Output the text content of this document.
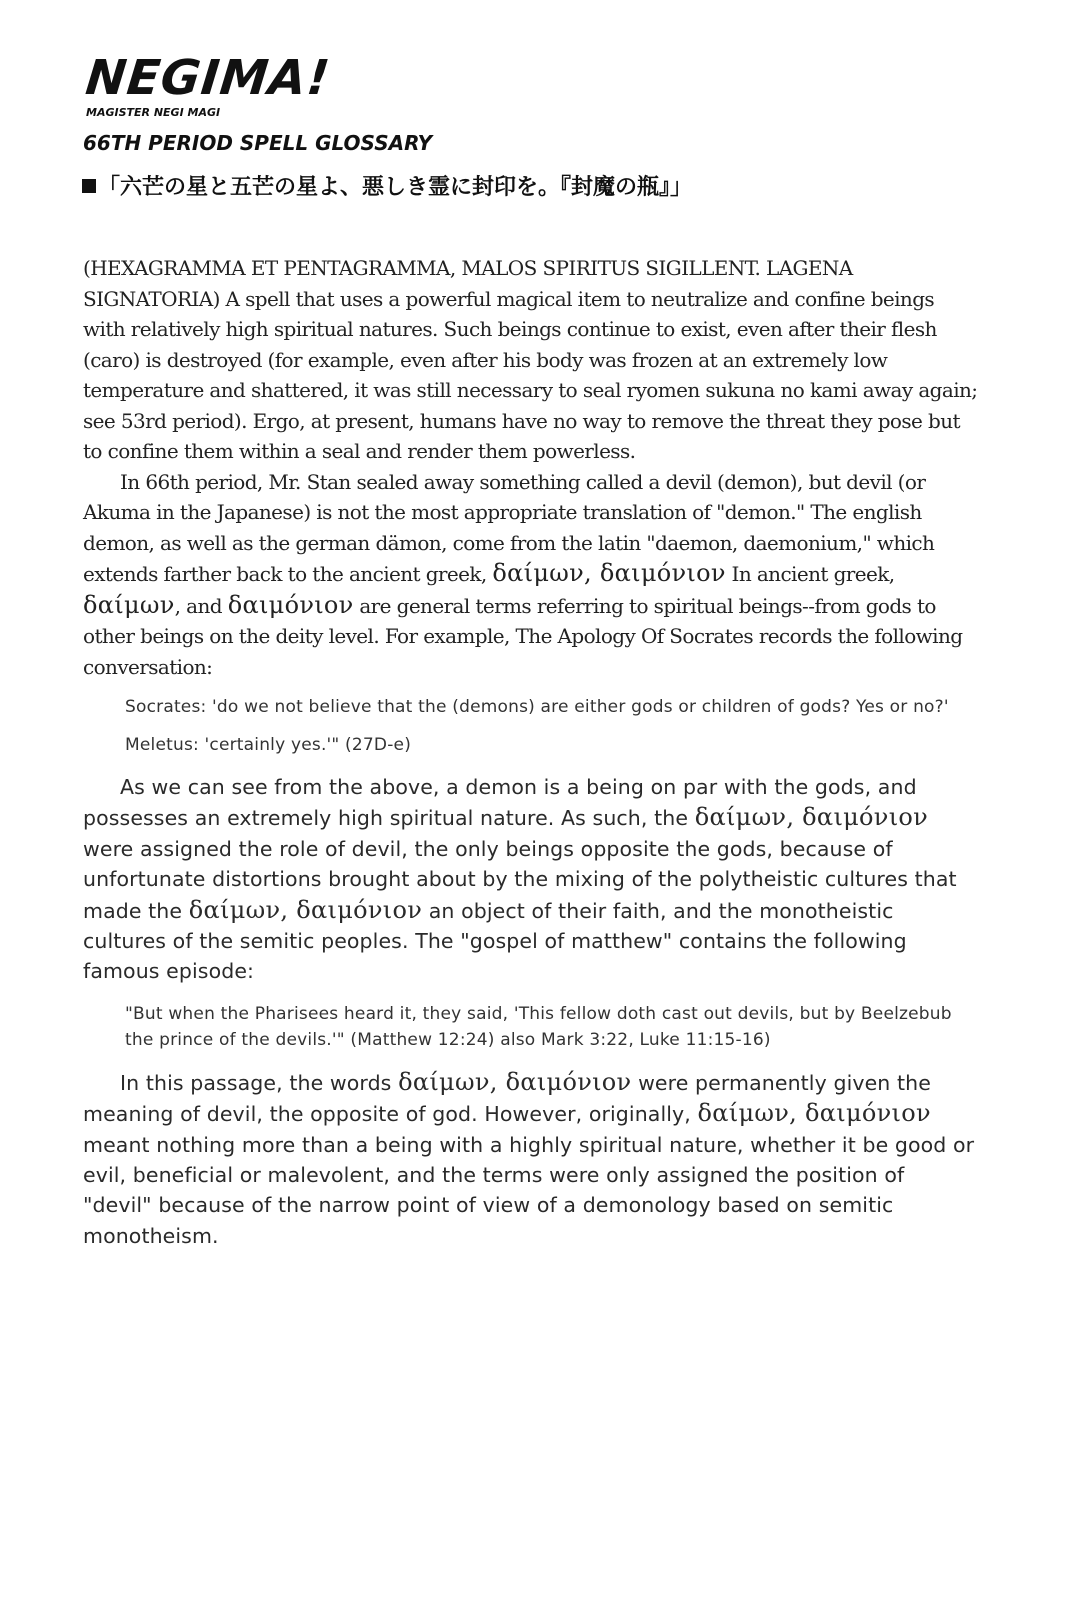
NEGIMA!
MAGISTER NEGI MAGI
66TH PERIOD SPELL GLOSSARY
「六芒の星と五芒の星よ、悪しき霊に封印を。『封魔の瓶』」

(HEXAGRAMMA ET PENTAGRAMMA, MALOS SPIRITUS SIGILLENT. LAGENA SIGNATORIA) A spell that uses a powerful magical item to neutralize and confine beings with relatively high spiritual natures. Such beings continue to exist, even after their flesh (caro) is destroyed (for example, even after his body was frozen at an extremely low temperature and shattered, it was still necessary to seal ryomen sukuna no kami away again; see 53rd period). Ergo, at present, humans have no way to remove the threat they pose but to confine them within a seal and render them powerless.

In 66th period, Mr. Stan sealed away something called a devil (demon), but devil (or Akuma in the Japanese) is not the most appropriate translation of "demon." The english demon, as well as the german dämon, come from the latin "daemon, daemonium," which extends farther back to the ancient greek, δαίμων, δαιμόνιον In ancient greek, δαίμων, and δαιμόνιον are general terms referring to spiritual beings--from gods to other beings on the deity level. For example, The Apology Of Socrates records the following conversation:

Socrates: 'do we not believe that the (demons) are either gods or children of gods? Yes or no?'

Meletus: 'certainly yes.'" (27D-e)

As we can see from the above, a demon is a being on par with the gods, and possesses an extremely high spiritual nature. As such, the δαίμων, δαιμόνιον were assigned the role of devil, the only beings opposite the gods, because of unfortunate distortions brought about by the mixing of the polytheistic cultures that made the δαίμων, δαιμόνιον an object of their faith, and the monotheistic cultures of the semitic peoples. The "gospel of matthew" contains the following famous episode:

"But when the Pharisees heard it, they said, 'This fellow doth cast out devils, but by Beelzebub the prince of the devils.'" (Matthew 12:24) also Mark 3:22, Luke 11:15-16)

In this passage, the words δαίμων, δαιμόνιον were permanently given the meaning of devil, the opposite of god. However, originally, δαίμων, δαιμόνιον meant nothing more than a being with a highly spiritual nature, whether it be good or evil, beneficial or malevolent, and the terms were only assigned the position of "devil" because of the narrow point of view of a demonology based on semitic monotheism.
